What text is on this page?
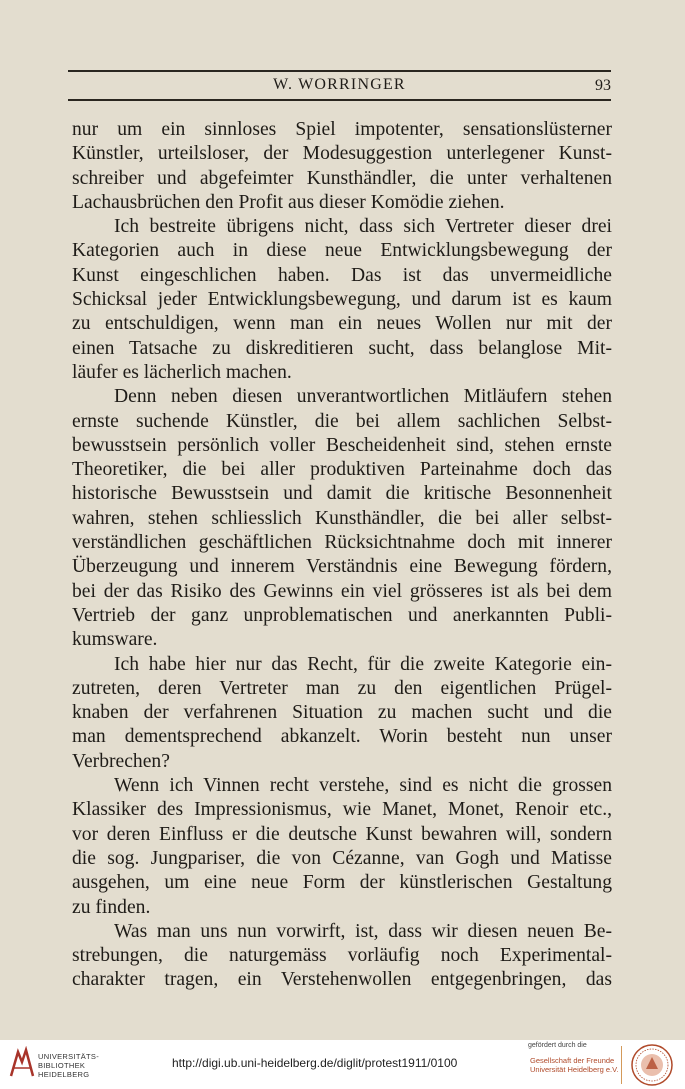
W. WORRINGER	93

nur um ein sinnloses Spiel impotenter, sensationslüsterner

Künstler, urteilsloser, der Modesuggestion unterlegener Kunst-

schreiber und abgefeimter Kunsthändler, die unter verhaltenen

Lachausbrüchen den Profit aus dieser Komödie ziehen.

Ich bestreite übrigens nicht, dass sich Vertreter dieser drei

Kategorien auch in diese neue Entwicklungsbewegung der

Kunst eingeschlichen haben. Das ist das unvermeidliche

Schicksal jeder Entwicklungsbewegung, und darum ist es kaum

zu entschuldigen, wenn man ein neues Wollen nur mit der

einen Tatsache zu diskreditieren sucht, dass belanglose Mit-

läufer es lächerlich machen.

Denn neben diesen unverantwortlichen Mitläufern stehen

ernste suchende Künstler, die bei allem sachlichen Selbst-

bewusstsein persönlich voller Bescheidenheit sind, stehen ernste

Theoretiker, die bei aller produktiven Parteinahme doch das

historische Bewusstsein und damit die kritische Besonnenheit

wahren, stehen schliesslich Kunsthändler, die bei aller selbst-

verständlichen geschäftlichen Rücksichtnahme doch mit innerer

Überzeugung und innerem Verständnis eine Bewegung fördern,

bei der das Risiko des Gewinns ein viel grösseres ist als bei dem

Vertrieb der ganz unproblematischen und anerkannten Publi-

kumsware.

Ich habe hier nur das Recht, für die zweite Kategorie ein-

zutreten, deren Vertreter man zu den eigentlichen Prügel-

knaben der verfahrenen Situation zu machen sucht und die

man dementsprechend abkanzelt. Worin besteht nun unser

Verbrechen?

Wenn ich Vinnen recht verstehe, sind es nicht die grossen

Klassiker des Impressionismus, wie Manet, Monet, Renoir etc.,

vor deren Einfluss er die deutsche Kunst bewahren will, sondern

die sog. Jungpariser, die von Cézanne, van Gogh und Matisse

ausgehen, um eine neue Form der künstlerischen Gestaltung

zu finden.

Was man uns nun vorwirft, ist, dass wir diesen neuen Be-

strebungen, die naturgemäss vorläufig noch Experimental-

charakter tragen, ein Verstehenwollen entgegenbringen, das

UNIVERSITÄTS-
BIBLIOTHEK
HEIDELBERG
http://digi.ub.uni-heidelberg.de/diglit/protest1911/0100
gefördert durch die
Gesellschaft der Freunde
Universität Heidelberg e.V.
